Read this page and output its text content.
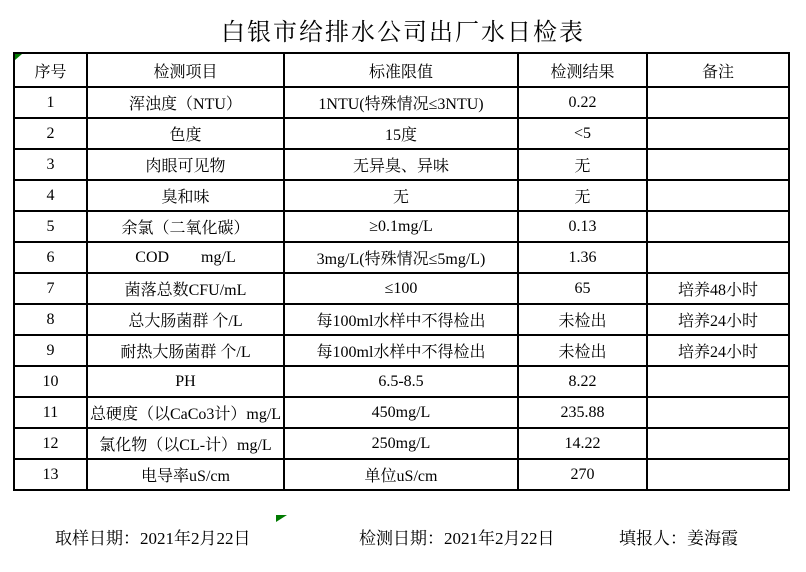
白银市给排水公司出厂水日检表
序号	检测项目	标准限值	检测结果	备注
1	浑浊度（NTU）	1NTU(特殊情况≤3NTU)	0.22	
2	色度	15度	<5	
3	肉眼可见物	无异臭、异味	无	
4	臭和味	无	无	
5	余氯（二氧化碳）	≥0.1mg/L	0.13	
6	COD        mg/L	3mg/L(特殊情况≤5mg/L)	1.36	
7	菌落总数CFU/mL	≤100	65	培养48小时
8	总大肠菌群 个/L	每100ml水样中不得检出	未检出	培养24小时
9	耐热大肠菌群 个/L	每100ml水样中不得检出	未检出	培养24小时
10	PH	6.5-8.5	8.22	
11	总硬度（以CaCo3计）mg/L	450mg/L	235.88	
12	氯化物（以CL-计）mg/L	250mg/L	14.22	
13	电导率uS/cm	单位uS/cm	270	
取样日期：2021年2月22日	检测日期：2021年2月22日	填报人：姜海霞
